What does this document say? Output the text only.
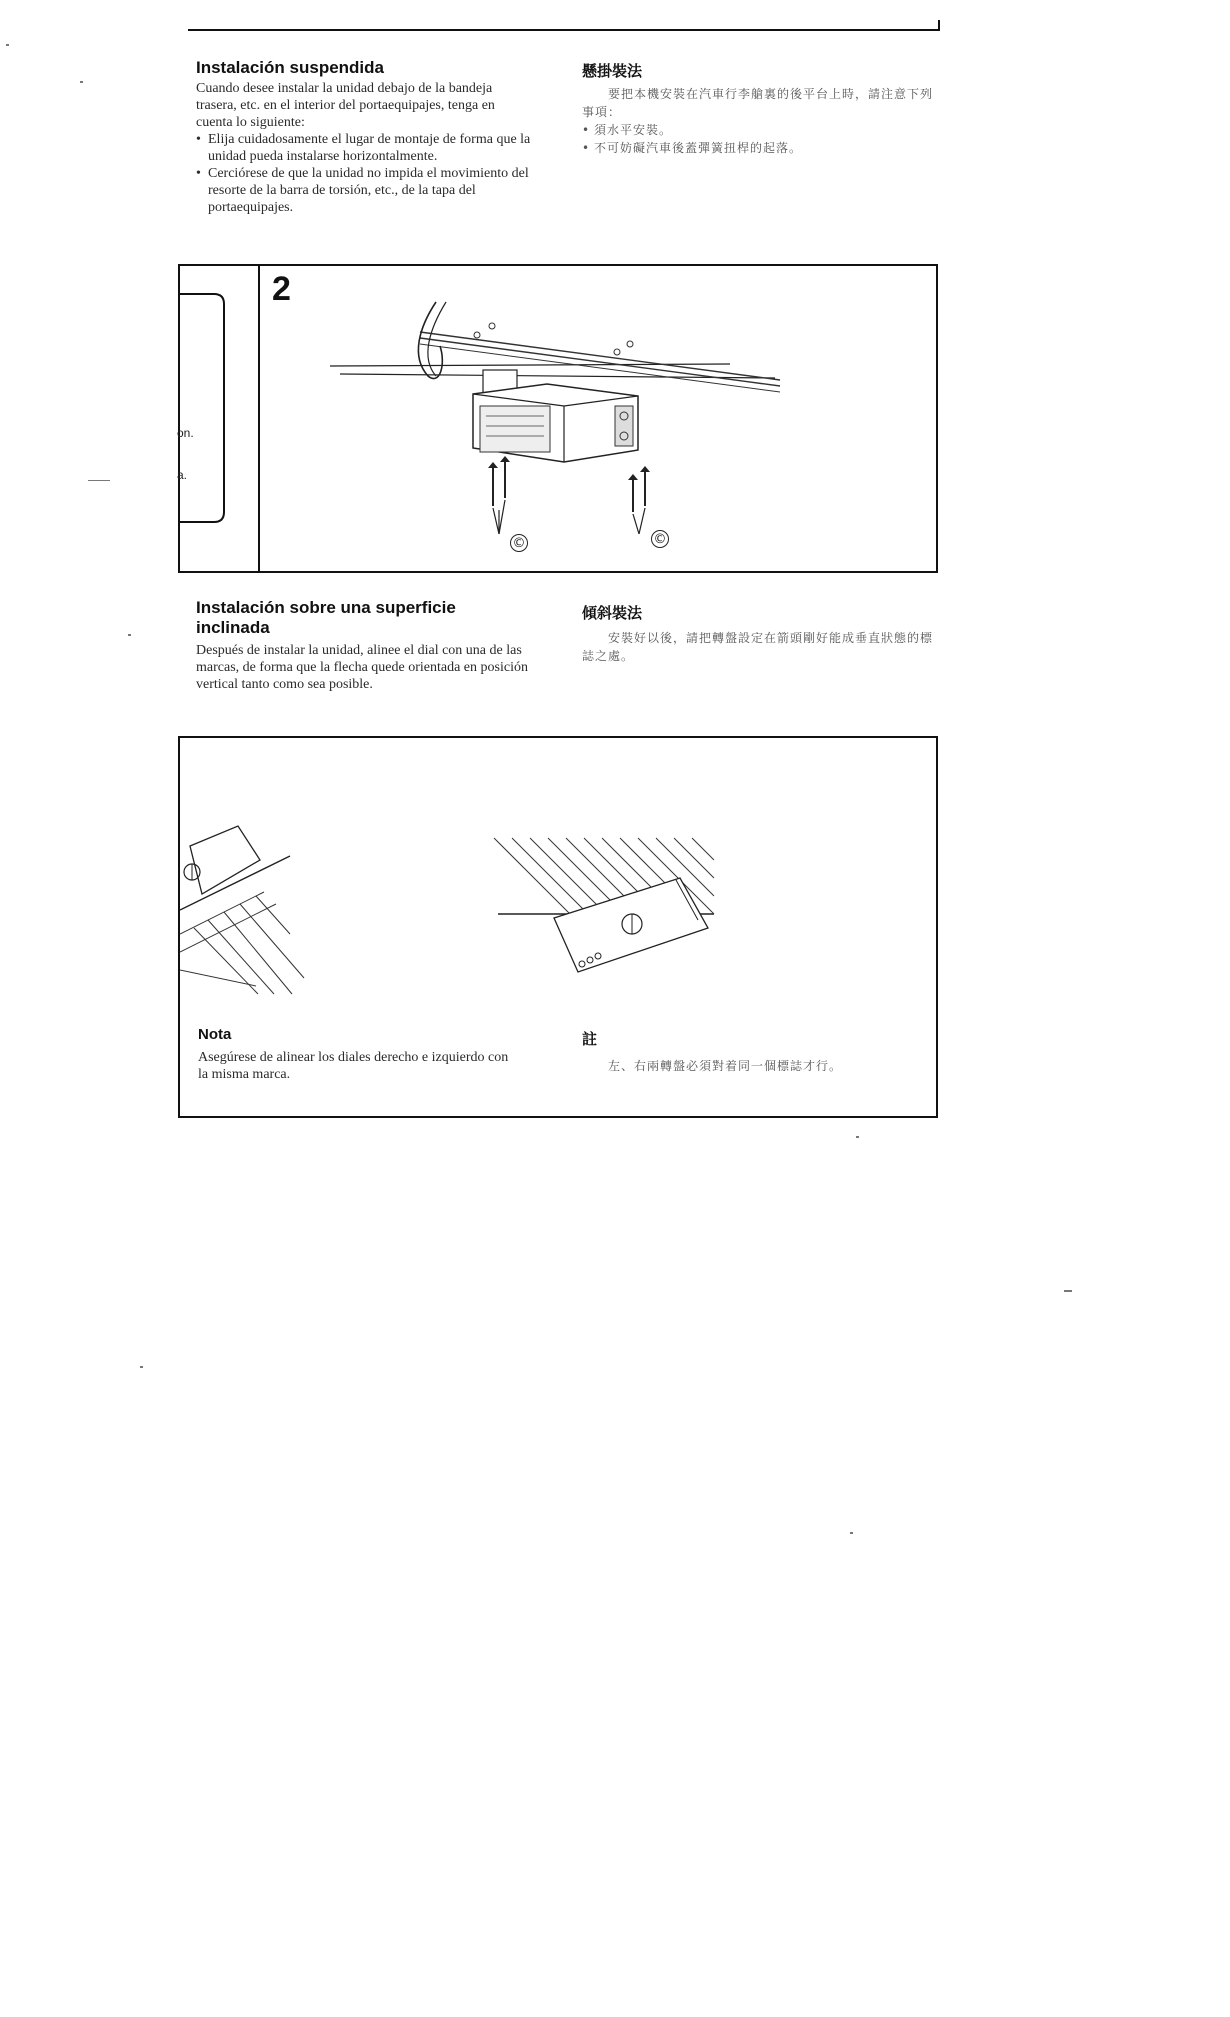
Instalación suspendida

Cuando desee instalar la unidad debajo de la bandeja trasera, etc. en el interior del portaequipajes, tenga en cuenta lo siguiente:

• Elija cuidadosamente el lugar de montaje de forma que la unidad pueda instalarse horizontalmente.
• Cerciórese de que la unidad no impida el movimiento del resorte de la barra de torsión, etc., de la tapa del portaequipajes.

懸掛裝法

要把本機安裝在汽車行李艙裏的後平台上時，請注意下列事項：

• 須水平安裝。
• 不可妨礙汽車後蓋彈簧扭桿的起落。
2
©	©
on.
a.

Instalación sobre una superficie inclinada

Después de instalar la unidad, alinee el dial con una de las marcas, de forma que la flecha quede orientada en posición vertical tanto como sea posible.

傾斜裝法

安裝好以後，請把轉盤設定在箭頭剛好能成垂直狀態的標誌之處。

Nota

Asegúrese de alinear los diales derecho e izquierdo con la misma marca.

註

左、右兩轉盤必須對着同一個標誌才行。
